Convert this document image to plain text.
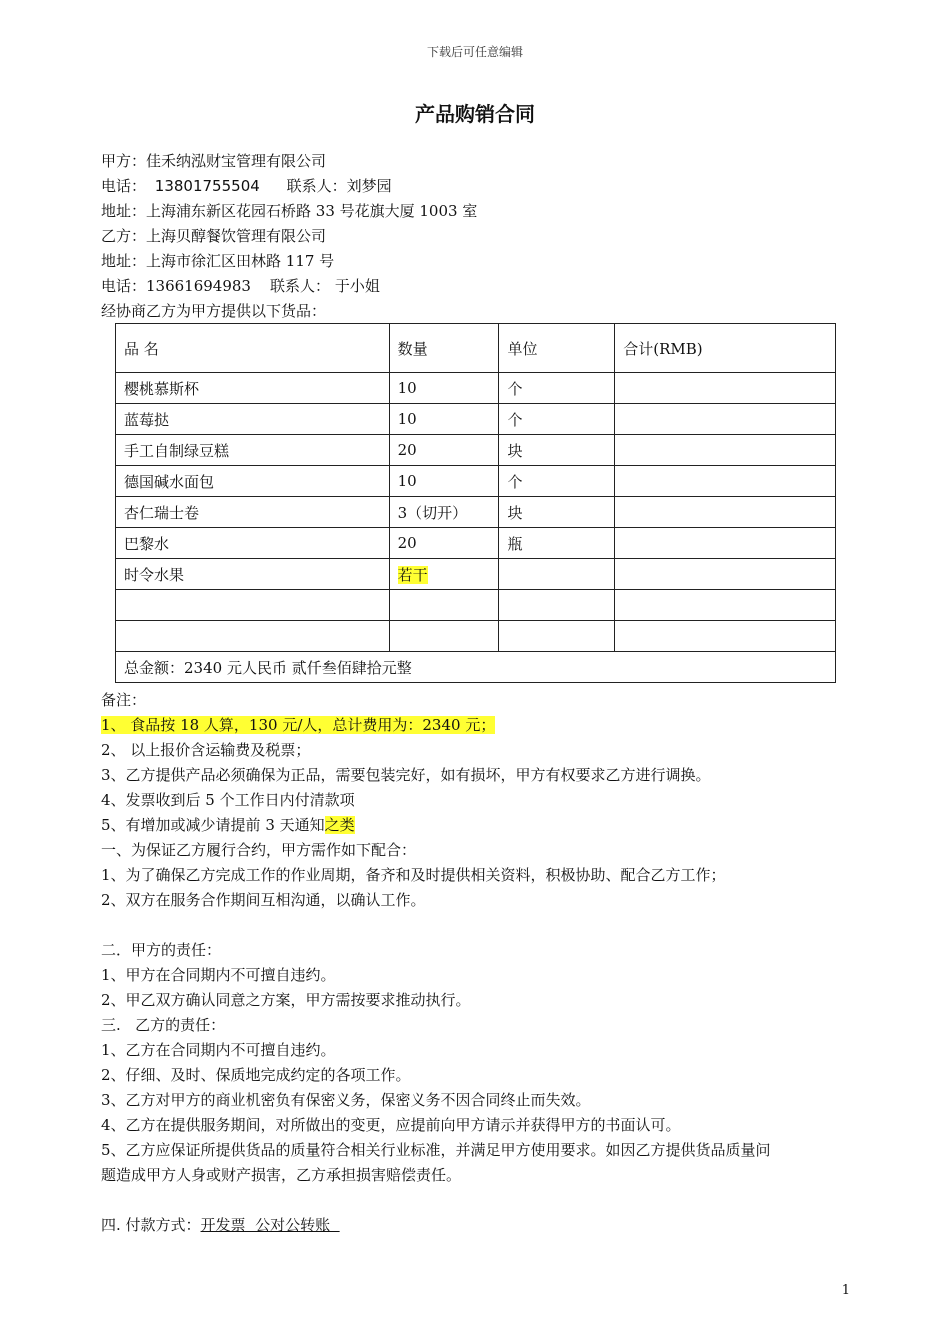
下载后可任意编辑
产品购销合同
甲方：佳禾纳泓财宝管理有限公司
电话： 13801755504 联系人：刘梦园
地址：上海浦东新区花园石桥路 33 号花旗大厦 1003 室
乙方：上海贝醇餐饮管理有限公司
地址：上海市徐汇区田林路 117 号
电话：13661694983    联系人： 于小姐
经协商乙方为甲方提供以下货品：
品 名	数量	单位	合计(RMB)
樱桃慕斯杯	10	个	
蓝莓挞	10	个	
手工自制绿豆糕	20	块	
德国碱水面包	10	个	
杏仁瑞士卷	3（切开）	块	
巴黎水	20	瓶	
时令水果	若干		

总金额：2340 元人民币 贰仟叁佰肆拾元整			
备注：
1、 食品按 18 人算，130 元/人，总计费用为：2340 元；
2、 以上报价含运输费及税票；
3、乙方提供产品必须确保为正品，需要包装完好，如有损坏，甲方有权要求乙方进行调换。
4、发票收到后 5 个工作日内付清款项
5、有增加或减少请提前 3 天通知之类
一、为保证乙方履行合约，甲方需作如下配合：
1、为了确保乙方完成工作的作业周期，备齐和及时提供相关资料，积极协助、配合乙方工作；
2、双方在服务合作期间互相沟通，以确认工作。
二．甲方的责任：
1、甲方在合同期内不可擅自违约。
2、甲乙双方确认同意之方案，甲方需按要求推动执行。
三.   乙方的责任：
1、乙方在合同期内不可擅自违约。
2、仔细、及时、保质地完成约定的各项工作。
3、乙方对甲方的商业机密负有保密义务，保密义务不因合同终止而失效。
4、乙方在提供服务期间，对所做出的变更，应提前向甲方请示并获得甲方的书面认可。
5、乙方应保证所提供货品的质量符合相关行业标准，并满足甲方使用要求。如因乙方提供货品质量问
题造成甲方人身或财产损害，乙方承担损害赔偿责任。
四. 付款方式：开发票  公对公转账
1
